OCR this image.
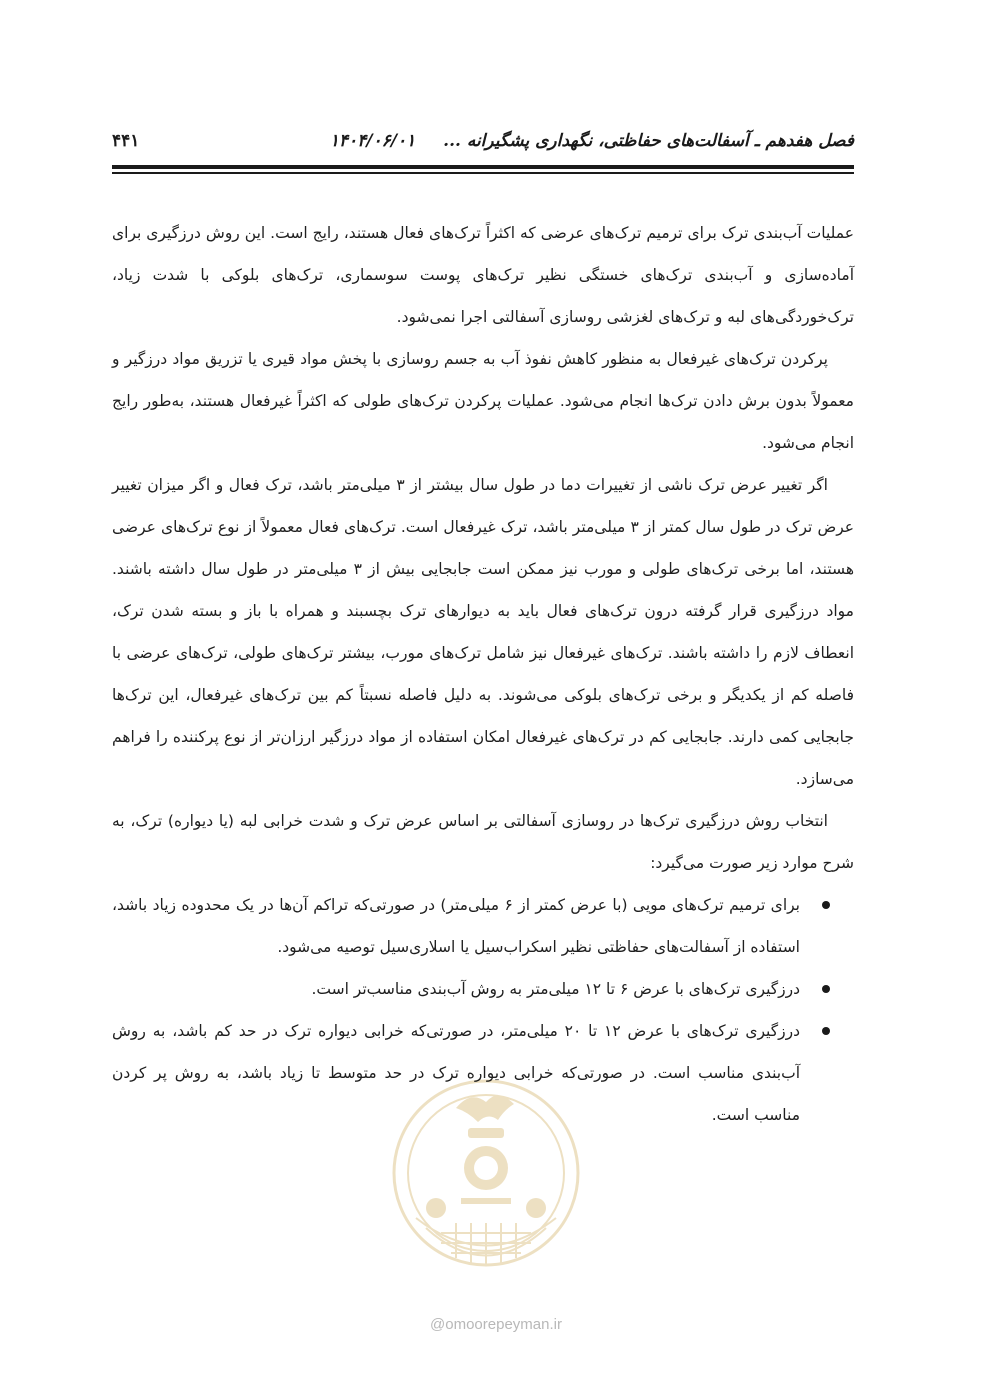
فصل هفدهم ـ آسفالت‌های حفاظتی، نگهداری پشگیرانه ... ۱۴۰۴/۰۶/۰۱
۴۴۱
@omoorepeyman.ir

عملیات آب‌بندی ترک برای ترمیم ترک‌های عرضی که اکثراً ترک‌های فعال هستند، رایج است. این روش درزگیری برای آماده‌سازی و آب‌بندی ترک‌های خستگی نظیر ترک‌های پوست سوسماری، ترک‌های بلوکی با شدت زیاد، ترک‌خوردگی‌های لبه و ترک‌های لغزشی روسازی آسفالتی اجرا نمی‌شود.

پرکردن ترک‌های غیرفعال به منظور کاهش نفوذ آب به جسم روسازی با پخش مواد قیری یا تزریق مواد درزگیر و معمولاً بدون برش دادن ترک‌ها انجام می‌شود. عملیات پرکردن ترک‌های طولی که اکثراً غیرفعال هستند، به‌طور رایج انجام می‌شود.

اگر تغییر عرض ترک ناشی از تغییرات دما در طول سال بیشتر از ۳ میلی‌متر باشد، ترک فعال و اگر میزان تغییر عرض ترک در طول سال کمتر از ۳ میلی‌متر باشد، ترک غیرفعال است. ترک‌های فعال معمولاً از نوع ترک‌های عرضی هستند، اما برخی ترک‌های طولی و مورب نیز ممکن است جابجایی بیش از ۳ میلی‌متر در طول سال داشته باشند. مواد درزگیری قرار گرفته درون ترک‌های فعال باید به دیوارهای ترک بچسبند و همراه با باز و بسته شدن ترک، انعطاف لازم را داشته باشند. ترک‌های غیرفعال نیز شامل ترک‌های مورب، بیشتر ترک‌های طولی، ترک‌های عرضی با فاصله کم از یکدیگر و برخی ترک‌های بلوکی می‌شوند. به دلیل فاصله نسبتاً کم بین ترک‌های غیرفعال، این ترک‌ها جابجایی کمی دارند. جابجایی کم در ترک‌های غیرفعال امکان استفاده از مواد درزگیر ارزان‌تر از نوع پرکننده را فراهم می‌سازد.

انتخاب روش درزگیری ترک‌ها در روسازی آسفالتی بر اساس عرض ترک و شدت خرابی لبه (یا دیواره) ترک، به شرح موارد زیر صورت می‌گیرد:

برای ترمیم ترک‌های مویی (با عرض کمتر از ۶ میلی‌متر) در صورتی‌که تراکم آن‌ها در یک محدوده زیاد باشد، استفاده از آسفالت‌های حفاظتی نظیر اسکراب‌سیل یا اسلاری‌سیل توصیه می‌شود.
درزگیری ترک‌های با عرض ۶ تا ۱۲ میلی‌متر به روش آب‌بندی مناسب‌تر است.
درزگیری ترک‌های با عرض ۱۲ تا ۲۰ میلی‌متر، در صورتی‌که خرابی دیواره ترک در حد کم باشد، به روش آب‌بندی مناسب است. در صورتی‌که خرابی دیواره ترک در حد متوسط تا زیاد باشد، به روش پر کردن مناسب است.
